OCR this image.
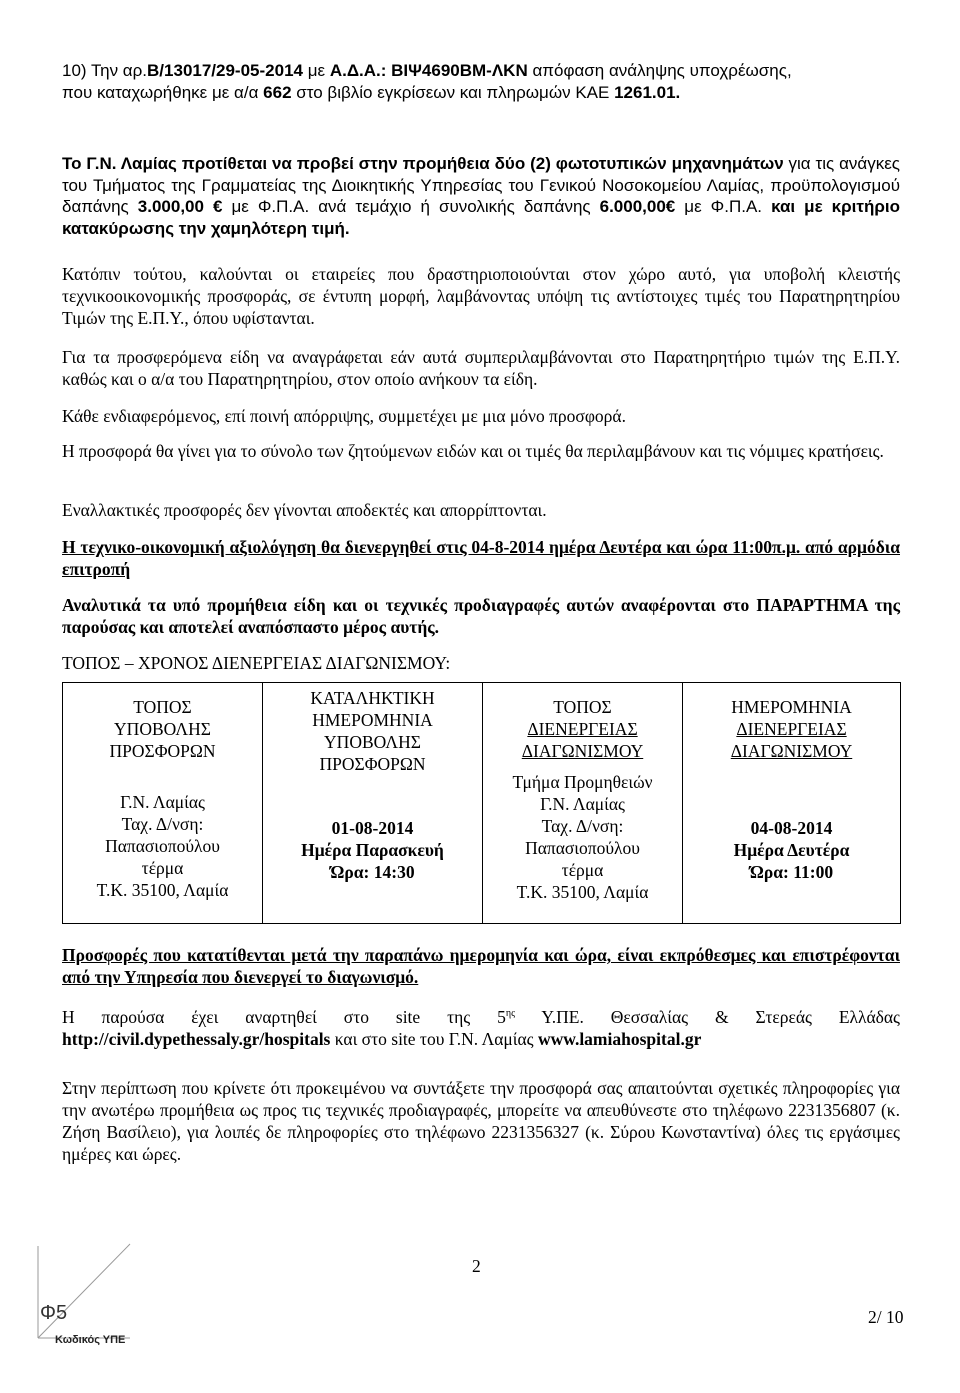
10) Την αρ.Β/13017/29-05-2014 με Α.Δ.Α.: ΒΙΨ4690ΒΜ-ΛΚΝ απόφαση ανάληψης υποχρέωσης,
που καταχωρήθηκε με α/α 662 στο βιβλίο εγκρίσεων και πληρωμών ΚΑΕ 1261.01.

Το Γ.Ν. Λαμίας προτίθεται να προβεί στην προμήθεια δύο (2) φωτοτυπικών μηχανημάτων για τις ανάγκες του Τμήματος της Γραμματείας της Διοικητικής Υπηρεσίας του Γενικού Νοσοκομείου Λαμίας, προϋπολογισμού δαπάνης 3.000,00 € με Φ.Π.Α. ανά τεμάχιο ή συνολικής δαπάνης 6.000,00€ με Φ.Π.Α. και με κριτήριο κατακύρωσης την χαμηλότερη τιμή.

Κατόπιν τούτου, καλούνται οι εταιρείες που δραστηριοποιούνται στον χώρο αυτό, για υποβολή κλειστής τεχνικοοικονομικής προσφοράς, σε έντυπη μορφή, λαμβάνοντας υπόψη τις αντίστοιχες τιμές του Παρατηρητηρίου Τιμών της Ε.Π.Υ., όπου υφίστανται.

Για τα προσφερόμενα είδη να αναγράφεται εάν αυτά συμπεριλαμβάνονται στο Παρατηρητήριο τιμών της Ε.Π.Υ. καθώς και ο α/α του Παρατηρητηρίου, στον οποίο ανήκουν τα είδη.

Κάθε ενδιαφερόμενος, επί ποινή απόρριψης, συμμετέχει με μια μόνο προσφορά.

Η προσφορά θα γίνει για το σύνολο των ζητούμενων ειδών και οι τιμές θα περιλαμβάνουν και τις νόμιμες κρατήσεις.

Εναλλακτικές προσφορές δεν γίνονται αποδεκτές και απορρίπτονται.

Η τεχνικο-οικονομική αξιολόγηση θα διενεργηθεί στις 04-8-2014 ημέρα Δευτέρα και ώρα 11:00π.μ. από αρμόδια επιτροπή

Αναλυτικά τα υπό προμήθεια είδη και οι τεχνικές προδιαγραφές αυτών αναφέρονται στο ΠΑΡΑΡΤΗΜΑ της παρούσας και αποτελεί αναπόσπαστο μέρος αυτής.

ΤΟΠΟΣ – ΧΡΟΝΟΣ ΔΙΕΝΕΡΓΕΙΑΣ ΔΙΑΓΩΝΙΣΜΟΥ:

ΤΟΠΟΣ
ΥΠΟΒΟΛΗΣ
ΠΡΟΣΦΟΡΩΝ
Γ.Ν. Λαμίας
Ταχ. Δ/νση:
Παπασιοπούλου
τέρμα
Τ.Κ. 35100, Λαμία

ΚΑΤΑΛΗΚΤΙΚΗ
ΗΜΕΡΟΜΗΝΙΑ
ΥΠΟΒΟΛΗΣ
ΠΡΟΣΦΟΡΩΝ
01-08-2014
Ημέρα Παρασκευή
Ώρα: 14:30

ΤΟΠΟΣ
ΔΙΕΝΕΡΓΕΙΑΣ
ΔΙΑΓΩΝΙΣΜΟΥ
Τμήμα Προμηθειών
Γ.Ν. Λαμίας
Ταχ. Δ/νση:
Παπασιοπούλου
τέρμα
Τ.Κ. 35100, Λαμία

ΗΜΕΡΟΜΗΝΙΑ
ΔΙΕΝΕΡΓΕΙΑΣ
ΔΙΑΓΩΝΙΣΜΟΥ
04-08-2014
Ημέρα Δευτέρα
Ώρα: 11:00

Προσφορές που κατατίθενται μετά την παραπάνω ημερομηνία και ώρα, είναι εκπρόθεσμες και επιστρέφονται από την Υπηρεσία που διενεργεί το διαγωνισμό.

Η παρούσα έχει αναρτηθεί στο site της $5^{\eta\varsigma}$ Υ.ΠΕ. Θεσσαλίας & Στερεάς Ελλάδας http://civil.dypethessaly.gr/hospitals και στο site του Γ.Ν. Λαμίας www.lamiahospital.gr

Στην περίπτωση που κρίνετε ότι προκειμένου να συντάξετε την προσφορά σας απαιτούνται σχετικές πληροφορίες για την ανωτέρω προμήθεια ως προς τις τεχνικές προδιαγραφές, μπορείτε να απευθύνεστε στο τηλέφωνο 2231356807 (κ. Ζήση Βασίλειο), για λοιπές δε πληροφορίες στο τηλέφωνο 2231356327 (κ. Σύρου Κωνσταντίνα) όλες τις εργάσιμες ημέρες και ώρες.

2
Φ5
Κωδικός ΥΠΕ
2/ 10
